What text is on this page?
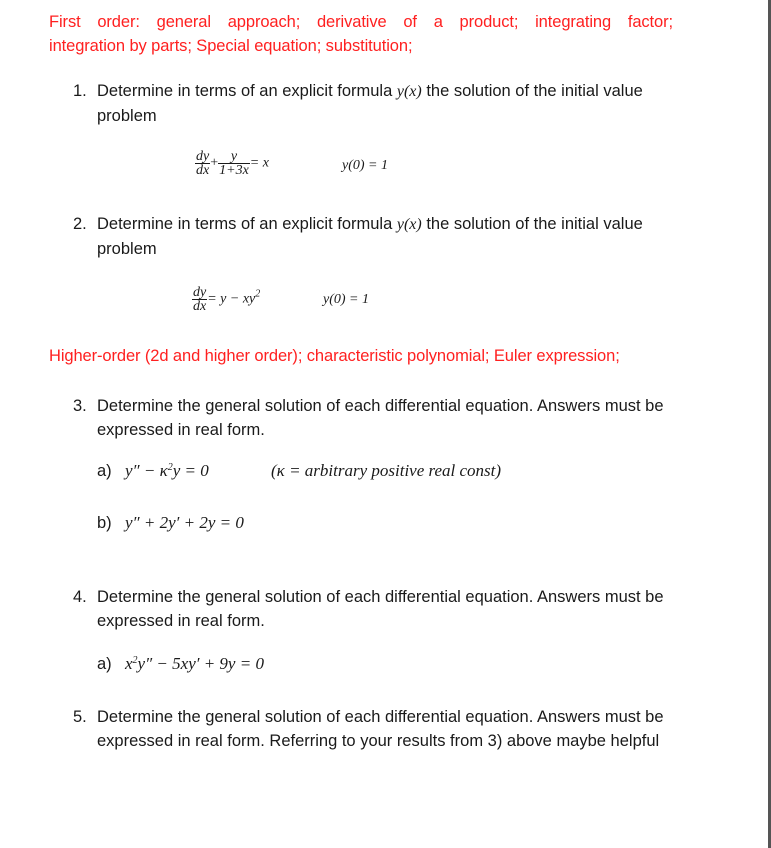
First order: general approach; derivative of a product; integrating factor;
integration by parts; Special equation; substitution;
1. Determine in terms of an explicit formula y(x) the solution of the initial value problem
$\frac{dy}{dx} + \frac{y}{1+3x} = x$	y(0) = 1
2. Determine in terms of an explicit formula y(x) the solution of the initial value problem
$\frac{dy}{dx} = y - xy^2$	y(0) = 1
Higher-order (2d and higher order); characteristic polynomial; Euler expression;
3. Determine the general solution of each differential equation. Answers must be expressed in real form.
a) $y'' - \kappa^2y = 0$	(κ = arbitrary positive real const)
b) y″ + 2y′ + 2y = 0
4. Determine the general solution of each differential equation. Answers must be expressed in real form.
a) $x^2y'' - 5xy' + 9y = 0$
5. Determine the general solution of each differential equation. Answers must be expressed in real form. Referring to your results from 3) above maybe helpful
